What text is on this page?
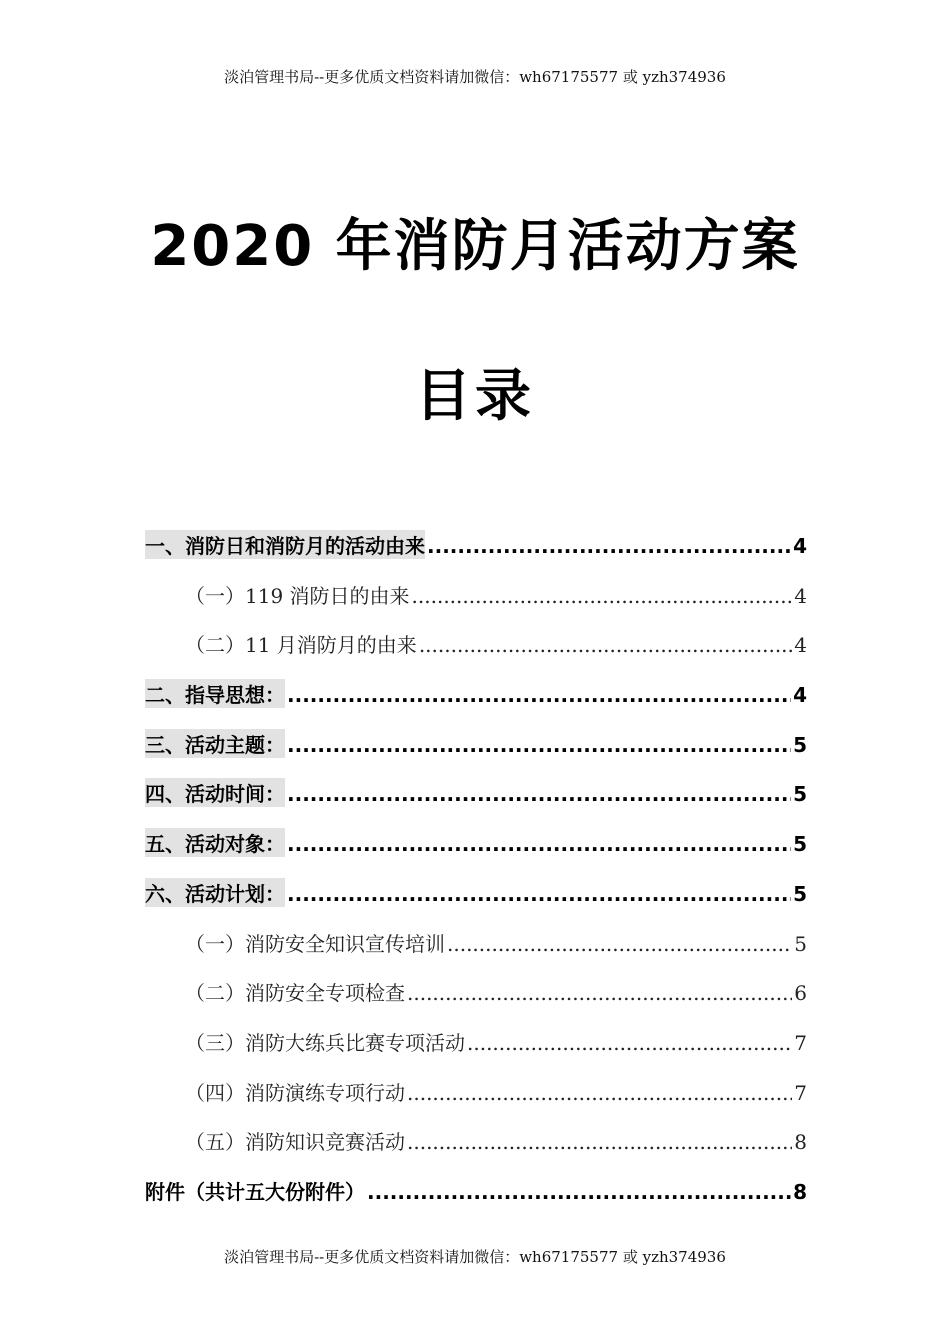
淡泊管理书局--更多优质文档资料请加微信：wh67175577 或 yzh374936
2020 年消防月活动方案
目录
一、消防日和消防月的活动由来 .....	4
（一）119 消防日的由来 .....	4
（二）11 月消防月的由来 .....	4
二、指导思想： .....	4
三、活动主题： .....	5
四、活动时间： .....	5
五、活动对象： .....	5
六、活动计划： .....	5
（一）消防安全知识宣传培训 .....	5
（二）消防安全专项检查 .....	6
（三）消防大练兵比赛专项活动 .....	7
（四）消防演练专项行动 .....	7
（五）消防知识竞赛活动 .....	8
附件（共计五大份附件） .....	8
淡泊管理书局--更多优质文档资料请加微信：wh67175577 或 yzh374936
